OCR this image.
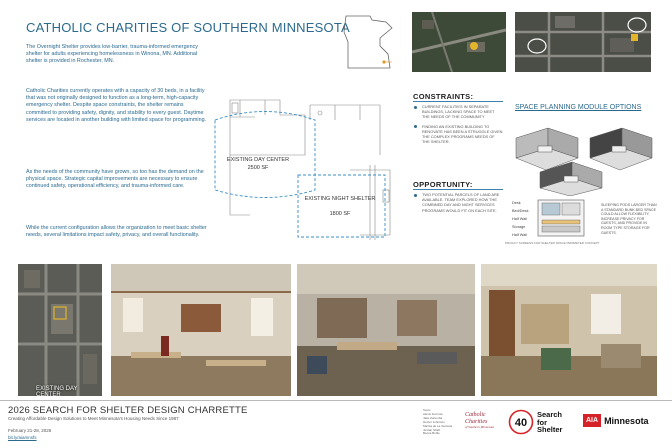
CATHOLIC CHARITIES OF SOUTHERN MINNESOTA
The Overnight Shelter provides low-barrier, trauma-informed emergency shelter for adults experiencing homelessness in Winona, MN. Additional shelter is provided in Rochester, MN.
Catholic Charities currently operates with a capacity of 30 beds, in a facility that was not originally designed to function as a long-term, high-capacity emergency shelter. Despite space constraints, the shelter remains committed to providing safety, dignity, and stability to every guest. Daytime services are located in another building with limited space for programming.
As the needs of the community have grown, so too has the demand on the physical space. Strategic capital improvements are necessary to ensure continued safety, operational efficiency, and trauma-informed care.
While the current configuration allows the organization to meet basic shelter needs, several limitations impact safety, privacy, and overall functionality.
EXISTING DAY CENTER
2500 SF
EXISTING NIGHT SHELTER
1800 SF
CONSTRAINTS:
CURRENT FACILITIES IN SEPARATE BUILDINGS, LACKING SPACE TO MEET THE NEEDS OF THE COMMUNITY
FINDING AN EXISTING BUILDING TO RENOVATE HAS BEEN A STRUGGLE GIVEN THE COMPLEX PROGRAMS NEEDS OF THE SHELTER.
OPPORTUNITY:
TWO POTENTIAL PARCELS OF LAND ARE AVAILABLE. TEAM EXPLORED HOW THE COMBINED DAY AND NIGHT SERVICES PROGRAMS WOULD FIT ON EACH SITE.
SPACE PLANNING MODULE OPTIONS
Desk
Bed/Desk
Half Wall
Storage
Half Wall
SLEEPING PODS LARGER THAN A STANDARD BUNK BED SPACE COULD ALLOW FLEXIBILITY, INCREASE PRIVACY FOR GUESTS, AND PROVIDE IN ROOM TYPE STORAGE FOR GUESTS.
PRIVACY SCREENS FOR SHELTER SPACE PERIMETER CONCEPT
EXISTING DAY CENTER
2026 SEARCH FOR SHELTER DESIGN CHARRETTE
Creating Affordable Design Solutions to Meet Minnesota's Housing Needs Since 1987
February 21-28, 2026
bit.ly/aiamnsfs
Team
Alexis Fortnow
Jake Zaremba
Hector Johnston
Marisa de La Ventana
Jordan Shaft
Becca Bohle
Catholic
Charities
of Southern Minnesota	40
Search
for
Shelter
AIA Minnesota
